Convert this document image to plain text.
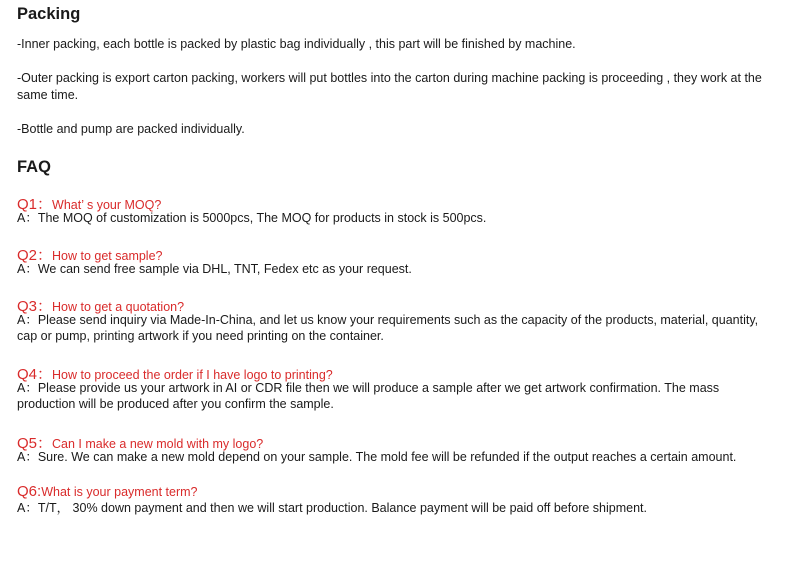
Packing

-Inner packing, each bottle is packed by plastic bag individually , this part will be finished by machine.

-Outer packing is export carton packing, workers will put bottles into the carton during machine packing is proceeding , they work at the same time.

-Bottle and pump are packed individually.

FAQ
Q1：What’ s your MOQ?
A：The MOQ of customization is 5000pcs, The MOQ for products in stock is 500pcs.
Q2：How to get sample?
A：We can send free sample via DHL, TNT, Fedex etc as your request.
Q3：How to get a quotation?
A：Please send inquiry via Made-In-China, and let us know your requirements such as the capacity of the products, material, quantity, cap or pump, printing artwork if you need printing on the container.
Q4：How to proceed the order if I have logo to printing?
A：Please provide us your artwork in AI or CDR file then we will produce a sample after we get artwork confirmation. The mass production will be produced after you confirm the sample.
Q5：Can I make a new mold with my logo?
A：Sure. We can make a new mold depend on your sample. The mold fee will be refunded if the output reaches a certain amount.
Q6:What is your payment term?
A：T/T， 30% down payment and then we will start production. Balance payment will be paid off before shipment.
